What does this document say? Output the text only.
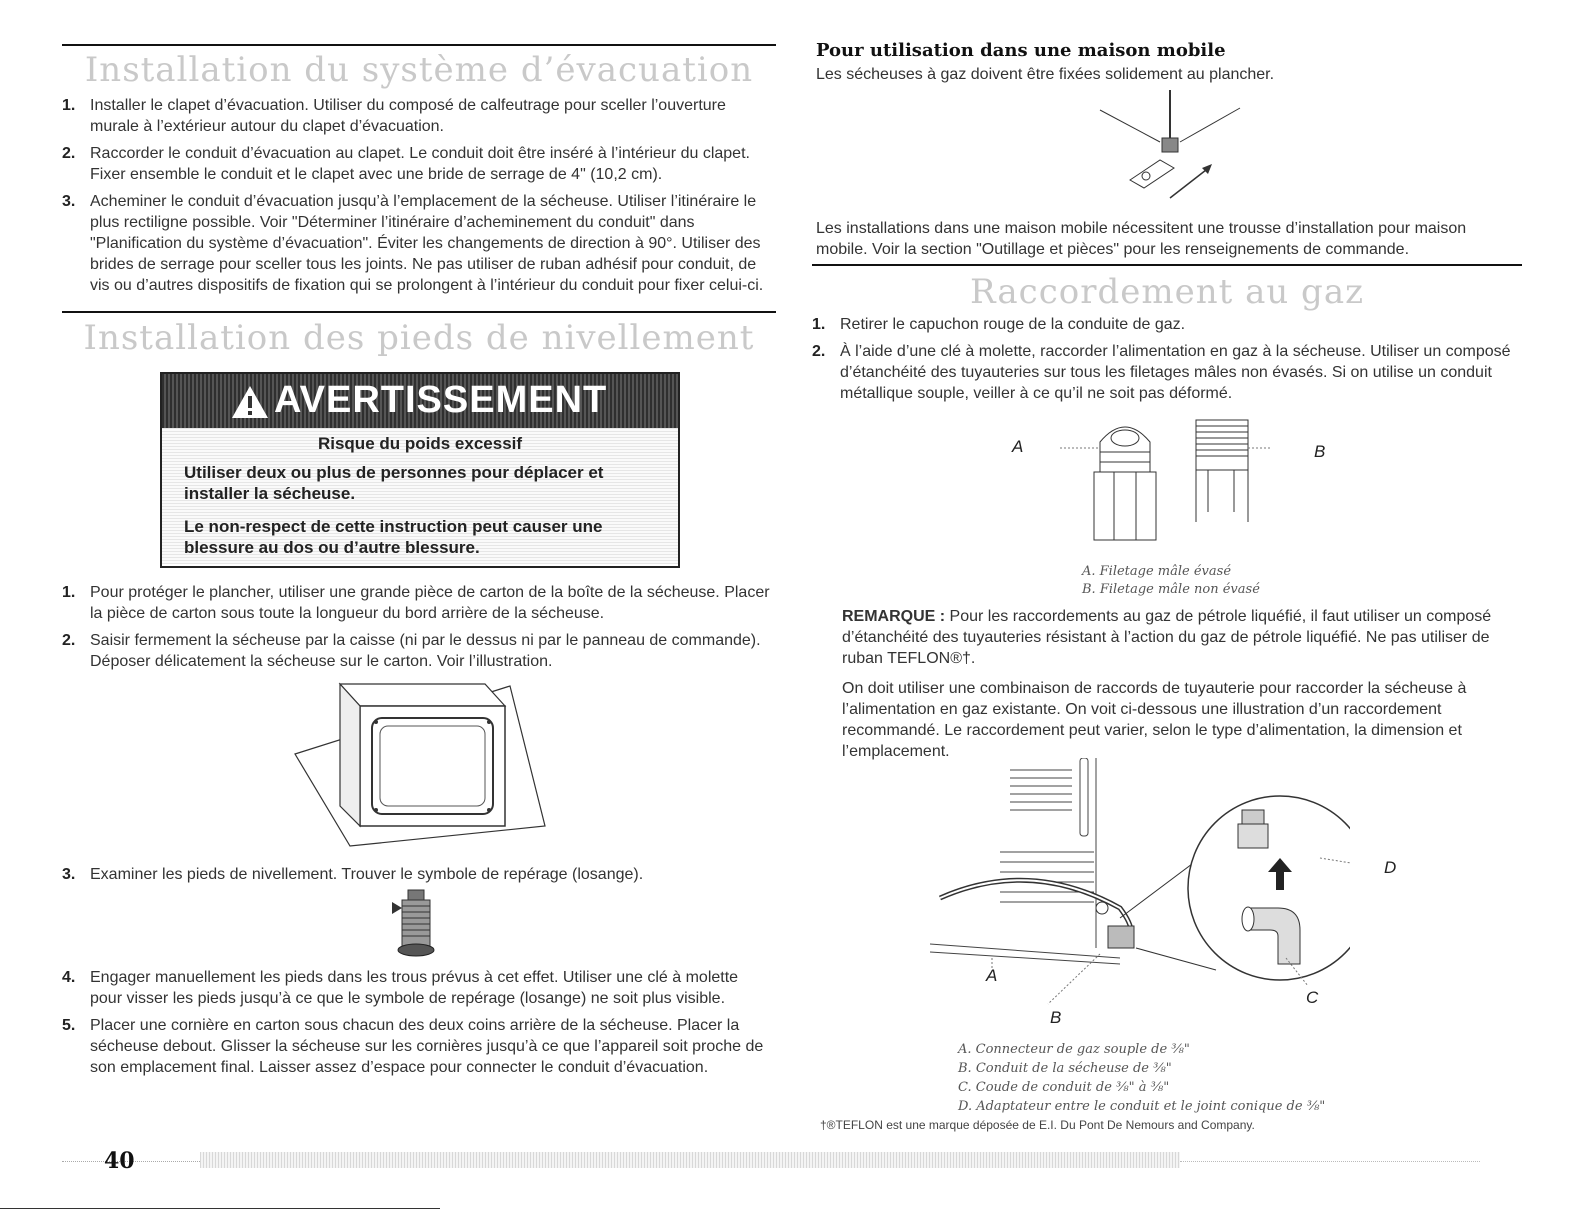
Installation du système d’évacuation
1. Installer le clapet d’évacuation. Utiliser du composé de calfeutrage pour sceller l’ouverture murale à l’extérieur autour du clapet d’évacuation.
2. Raccorder le conduit d’évacuation au clapet. Le conduit doit être inséré à l’intérieur du clapet. Fixer ensemble le conduit et le clapet avec une bride de serrage de 4" (10,2 cm).
3. Acheminer le conduit d’évacuation jusqu’à l’emplacement de la sécheuse. Utiliser l’itinéraire le plus rectiligne possible. Voir "Déterminer l’itinéraire d’acheminement du conduit" dans "Planification du système d’évacuation". Éviter les changements de direction à 90°. Utiliser des brides de serrage pour sceller tous les joints. Ne pas utiliser de ruban adhésif pour conduit, de vis ou d’autres dispositifs de fixation qui se prolongent à l’intérieur du conduit pour fixer celui-ci.
Installation des pieds de nivellement
AVERTISSEMENT
Risque du poids excessif
Utiliser deux ou plus de personnes pour déplacer et installer la sécheuse.
Le non-respect de cette instruction peut causer une blessure au dos ou d’autre blessure.
1. Pour protéger le plancher, utiliser une grande pièce de carton de la boîte de la sécheuse. Placer la pièce de carton sous toute la longueur du bord arrière de la sécheuse.
2. Saisir fermement la sécheuse par la caisse (ni par le dessus ni par le panneau de commande). Déposer délicatement la sécheuse sur le carton. Voir l’illustration.
3. Examiner les pieds de nivellement. Trouver le symbole de repérage (losange).
4. Engager manuellement les pieds dans les trous prévus à cet effet. Utiliser une clé à molette pour visser les pieds jusqu’à ce que le symbole de repérage (losange) ne soit plus visible.
5. Placer une cornière en carton sous chacun des deux coins arrière de la sécheuse. Placer la sécheuse debout. Glisser la sécheuse sur les cornières jusqu’à ce que l’appareil soit proche de son emplacement final. Laisser assez d’espace pour connecter le conduit d’évacuation.
40
Pour utilisation dans une maison mobile
Les sécheuses à gaz doivent être fixées solidement au plancher.
Les installations dans une maison mobile nécessitent une trousse d’installation pour maison mobile. Voir la section "Outillage et pièces" pour les renseignements de commande.
Raccordement au gaz
1. Retirer le capuchon rouge de la conduite de gaz.
2. À l’aide d’une clé à molette, raccorder l’alimentation en gaz à la sécheuse. Utiliser un composé d’étanchéité des tuyauteries sur tous les filetages mâles non évasés. Si on utilise un conduit métallique souple, veiller à ce qu’il ne soit pas déformé.
A	B
A. Filetage mâle évasé
B. Filetage mâle non évasé
REMARQUE : Pour les raccordements au gaz de pétrole liquéfié, il faut utiliser un composé d’étanchéité des tuyauteries résistant à l’action du gaz de pétrole liquéfié. Ne pas utiliser de ruban TEFLON®†.
On doit utiliser une combinaison de raccords de tuyauterie pour raccorder la sécheuse à l’alimentation en gaz existante. On voit ci-dessous une illustration d’un raccordement recommandé. Le raccordement peut varier, selon le type d’alimentation, la dimension et l’emplacement.
A
B
C
D
A. Connecteur de gaz souple de ⅜"
B. Conduit de la sécheuse de ⅜"
C. Coude de conduit de ⅜" à ⅜"
D. Adaptateur entre le conduit et le joint conique de ⅜"
†®TEFLON est une marque déposée de E.I. Du Pont De Nemours and Company.
